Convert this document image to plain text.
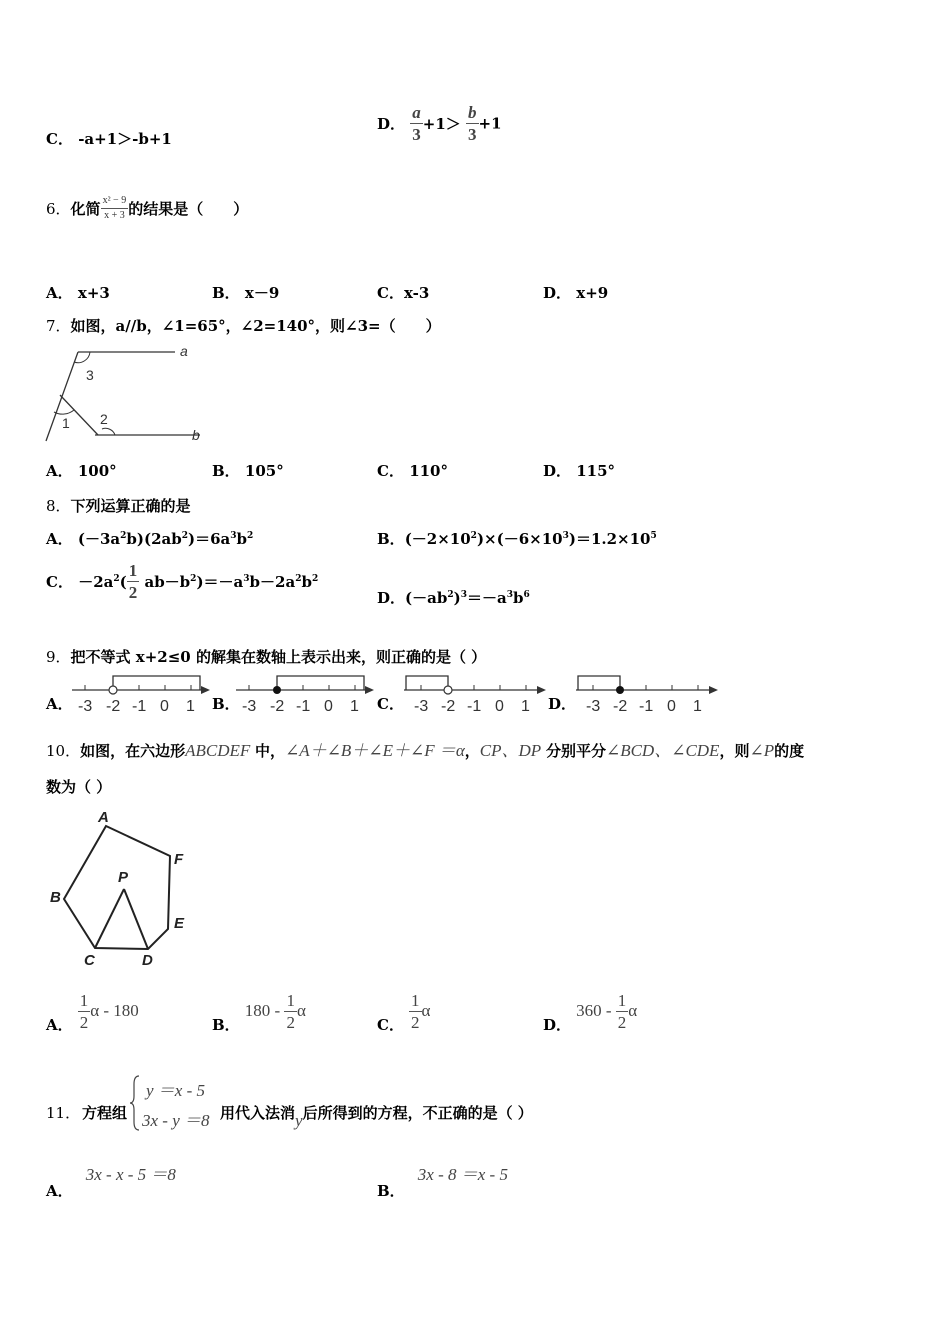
C． -a+1＞-b+1
D． $\frac{a}{3} +1> \frac{b}{3} +1$
6．化简 $\frac{\text{x² − 9}}{x + 3}$ 的结果是（　　）
A． x+3	B． x－9	C．x-3	D． x+9
7．如图，a//b，∠1=65°，∠2=140°，则∠3=（　　）
a
b
3
1 2
A． 100°	B． 105°	C． 110°	D． 115°
8．下列运算正确的是
A． $(-3a^2b)(2ab^2)=6a^3b^2$	B．$(-2\times 10^2)\times(-6\times 10^3)=1.2\times 10^5$
C． $-2a^2( \frac{1}{2} ab-b^2)=-a^3b-2a^2b^2$
D．$(-ab^2)^3=-a^3b^6$
9．把不等式 x+2≤0 的解集在数轴上表示出来，则正确的是（ ）
A． -3 -2 -1 0 1 B． -3 -2 -1 0 1 C． -3 -2 -1 0 1 D． -3 -2 -1 0 1
10．如图，在六边形ABCDEF 中，∠A＋∠B＋∠E＋∠F ＝α，CP、DP 分别平分∠BCD、∠CDE，则∠P的度
数为（ ）
A
B
C	D
E
F
P
A． $\frac{1}{2}$ α - 180
B． $180 - \frac{1}{2}$ α
C． $\frac{1}{2}$ α
D． $360 - \frac{1}{2}$ α
11． 方程组
y ＝x - 5
3x - y ＝8 用代入法消y后所得到的方程，不正确的是（ ）
A． 3x - x - 5 ＝8
B． 3x - 8 ＝x - 5
